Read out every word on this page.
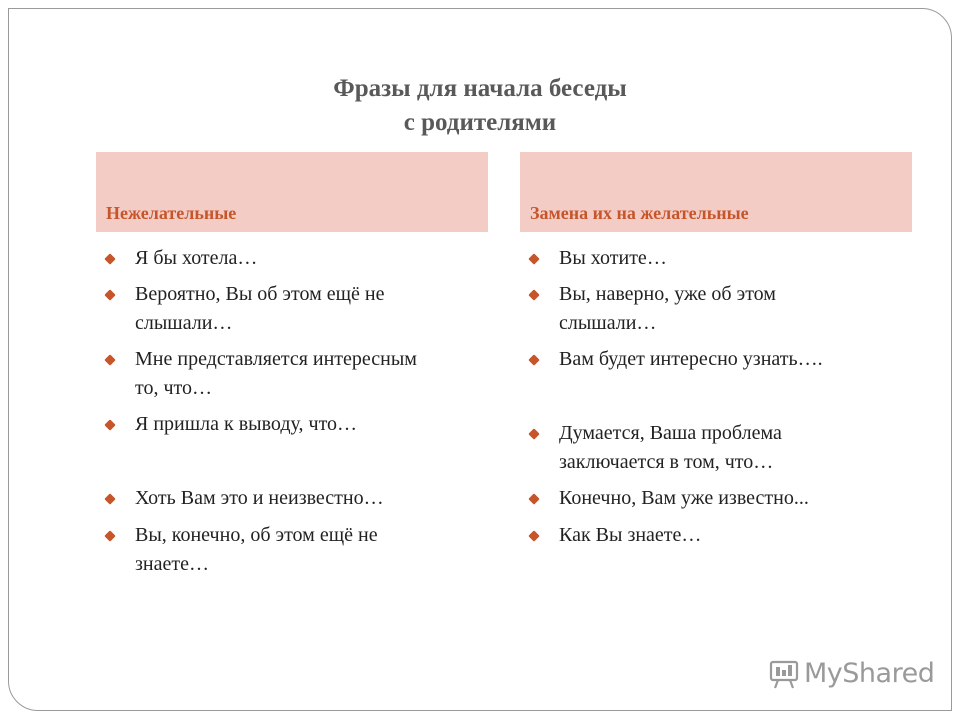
Фразы для начала беседы
с родителями
Нежелательные	Замена их на желательные
Я бы хотела…
Вероятно, Вы об этом ещё не
слышали…
Мне представляется интересным
то, что…
Я пришла к выводу, что…
Хоть Вам это и неизвестно…
Вы, конечно, об этом ещё не
знаете…
Вы хотите…
Вы, наверно, уже об этом
слышали…
Вам будет интересно узнать….
Думается, Ваша проблема
заключается в том, что…
Конечно, Вам уже известно...
Как Вы знаете…
MyShared
